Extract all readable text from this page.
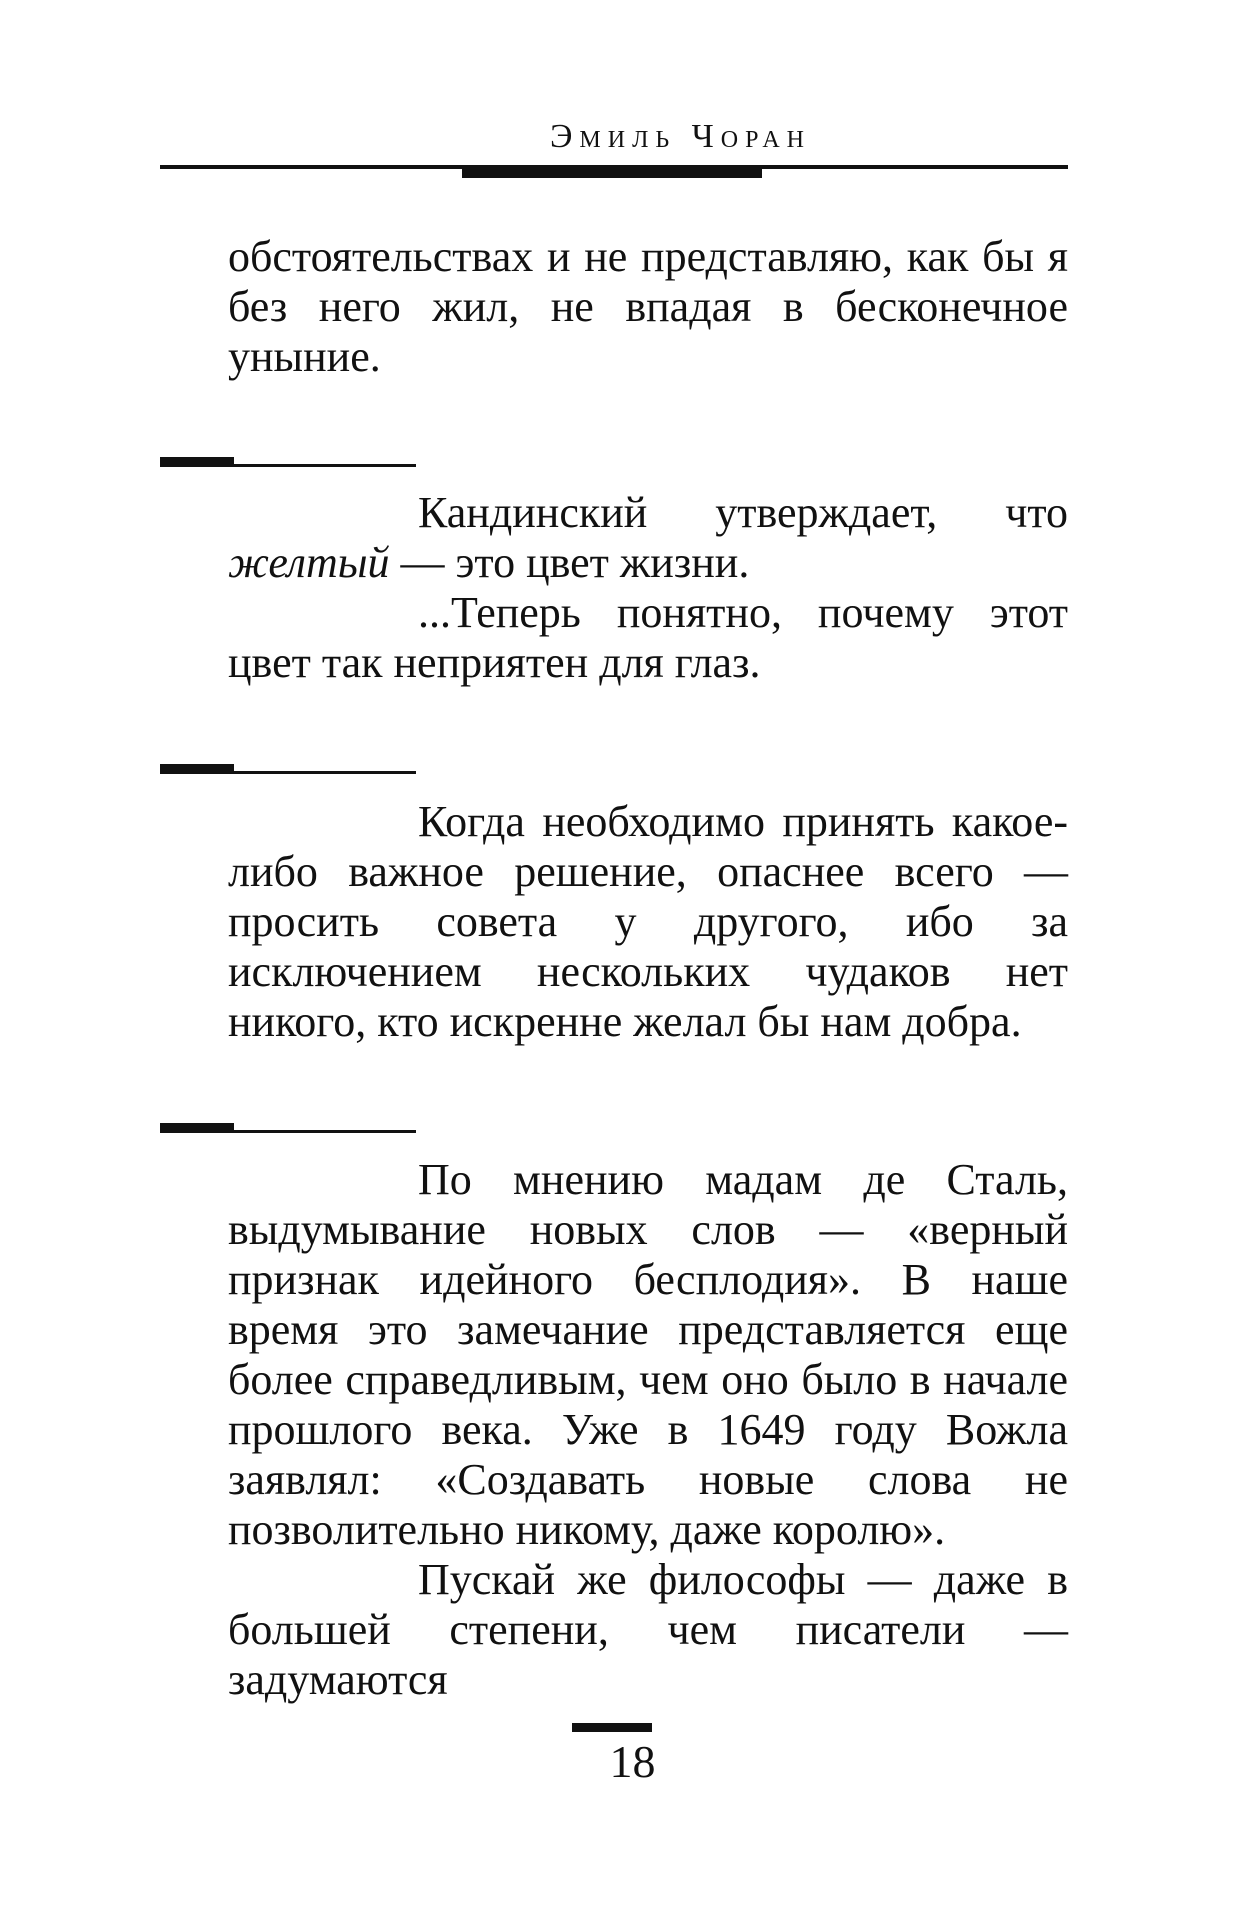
Эмиль Чоран

обстоятельствах и не представляю, как бы я без него жил, не впадая в бесконечное уныние.

Кандинский утверждает, что желтый — это цвет жизни.

...Теперь понятно, почему этот цвет так неприятен для глаз.

Когда необходимо принять какое-либо важное решение, опаснее всего — просить совета у другого, ибо за исключением нескольких чудаков нет никого, кто искренне желал бы нам добра.

По мнению мадам де Сталь, выдумывание новых слов — «верный признак идейного бесплодия». В наше время это замечание представляется еще более справедливым, чем оно было в начале прошлого века. Уже в 1649 году Вожла заявлял: «Создавать новые слова не позволительно никому, даже королю».

Пускай же философы — даже в большей степени, чем писатели — задумаются

18
